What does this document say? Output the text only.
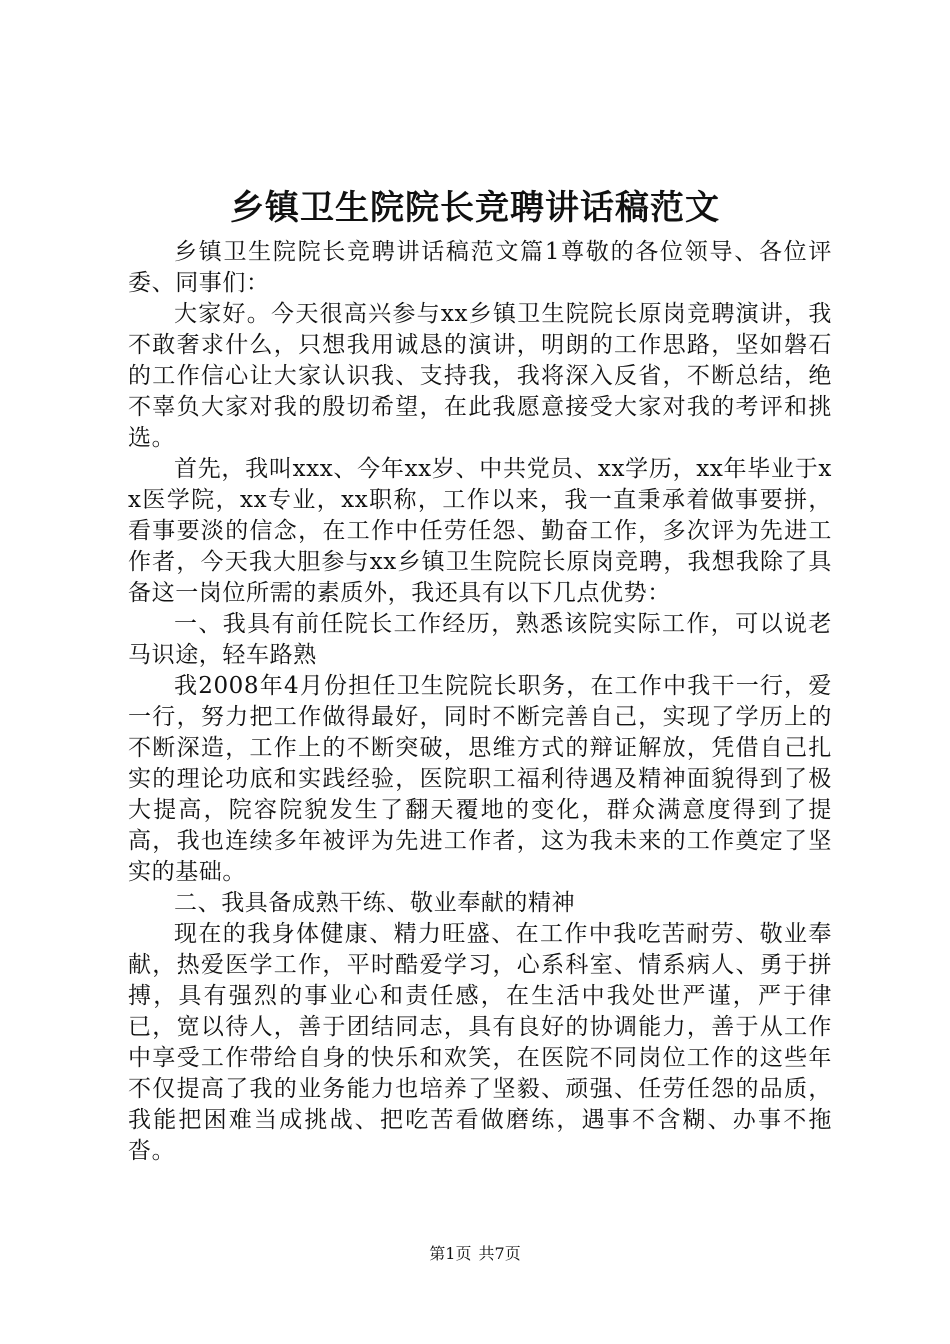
乡镇卫生院院长竞聘讲话稿范文

乡镇卫生院院长竞聘讲话稿范文篇1尊敬的各位领导、各位评委、同事们：

大家好。今天很高兴参与xx乡镇卫生院院长原岗竞聘演讲，我不敢奢求什么，只想我用诚恳的演讲，明朗的工作思路，坚如磐石的工作信心让大家认识我、支持我，我将深入反省，不断总结，绝不辜负大家对我的殷切希望，在此我愿意接受大家对我的考评和挑选。

首先，我叫xxx、今年xx岁、中共党员、xx学历，xx年毕业于xx医学院，xx专业，xx职称，工作以来，我一直秉承着做事要拼，看事要淡的信念，在工作中任劳任怨、勤奋工作，多次评为先进工作者，今天我大胆参与xx乡镇卫生院院长原岗竞聘，我想我除了具备这一岗位所需的素质外，我还具有以下几点优势：

一、我具有前任院长工作经历，熟悉该院实际工作，可以说老马识途，轻车路熟

我2008年4月份担任卫生院院长职务，在工作中我干一行，爱一行，努力把工作做得最好，同时不断完善自己，实现了学历上的不断深造，工作上的不断突破，思维方式的辩证解放，凭借自己扎实的理论功底和实践经验，医院职工福利待遇及精神面貌得到了极大提高，院容院貌发生了翻天覆地的变化，群众满意度得到了提高，我也连续多年被评为先进工作者，这为我未来的工作奠定了坚实的基础。

二、我具备成熟干练、敬业奉献的精神

现在的我身体健康、精力旺盛、在工作中我吃苦耐劳、敬业奉献，热爱医学工作，平时酷爱学习，心系科室、情系病人、勇于拼搏，具有强烈的事业心和责任感，在生活中我处世严谨，严于律已，宽以待人，善于团结同志，具有良好的协调能力，善于从工作中享受工作带给自身的快乐和欢笑，在医院不同岗位工作的这些年不仅提高了我的业务能力也培养了坚毅、顽强、任劳任怨的品质，我能把困难当成挑战、把吃苦看做磨练，遇事不含糊、办事不拖沓。

第1页 共7页
